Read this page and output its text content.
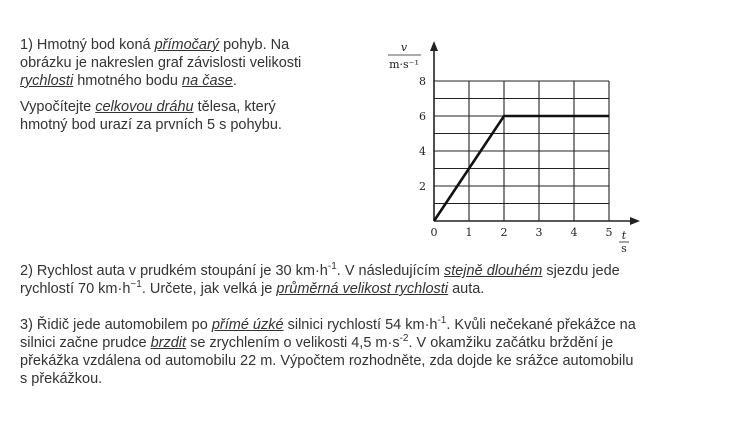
1) Hmotný bod koná přímočarý pohyb. Na
obrázku je nakreslen graf závislosti velikosti
rychlosti hmotného bodu na čase.

Vypočítejte celkovou dráhu tělesa, který
hmotný bod urazí za prvních 5 s pohybu.

0	1	2	3	4	5
2
4
6
8
v
m·s⁻¹
t
s

2) Rychlost auta v prudkém stoupání je 30 $km\cdot h^{-1}$. V následujícím stejně dlouhém sjezdu jede
rychlostí 70 $km\cdot h^{-1}$. Určete, jak velká je průměrná velikost rychlosti auta.

3) Řidič jede automobilem po přímé úzké silnici rychlostí 54 $km\cdot h^{-1}$. Kvůli nečekané překážce na
silnici začne prudce brzdit se zrychlením o velikosti 4,5 $m\cdot s^{-2}$. V okamžiku začátku brždění je
překážka vzdálena od automobilu 22 m. Výpočtem rozhodněte, zda dojde ke srážce automobilu
s překážkou.
